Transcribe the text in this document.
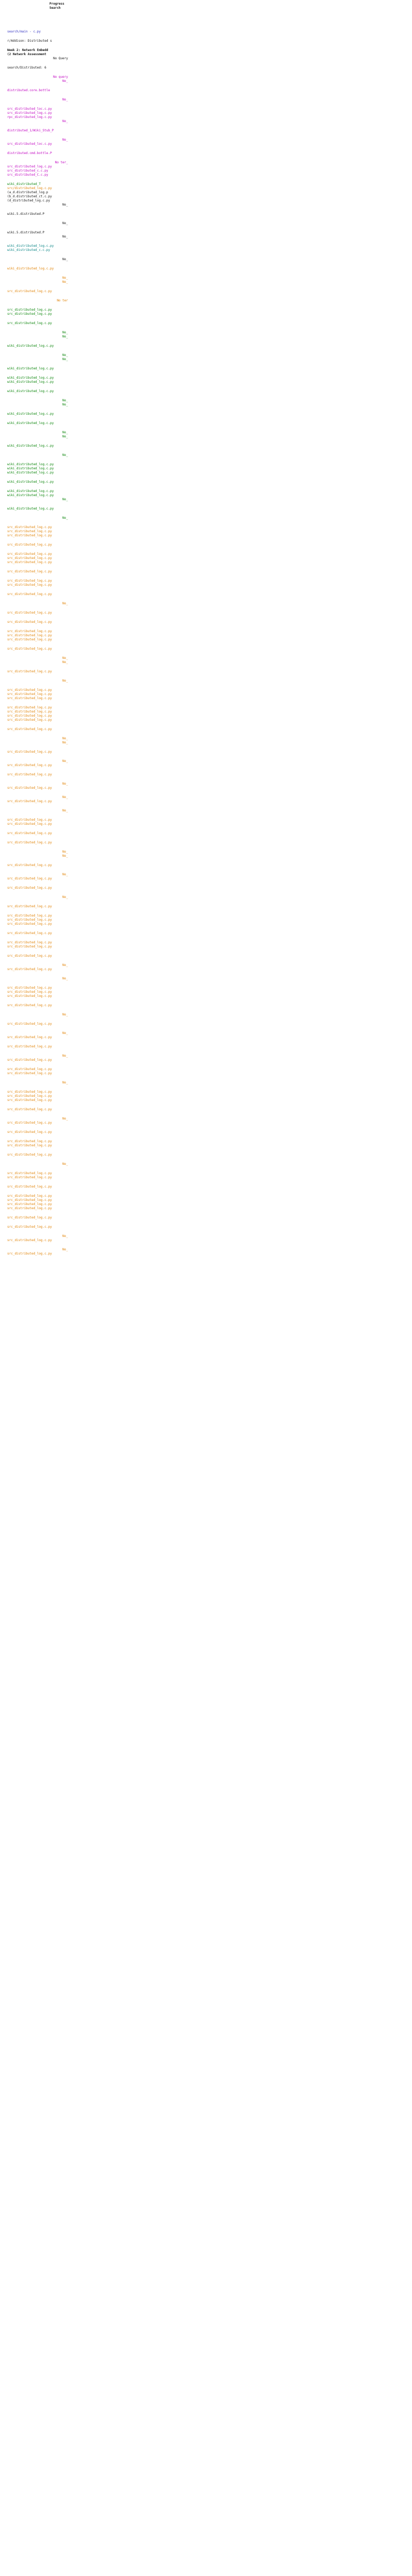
Progress
Search
search/main - c.py
r/Addison: Distributed s
Week 2: Network Embedd
(2 Network Assessment
No Query
search/Distributed: 6
No query
No_
distributed.core.bottle
No_
src_distributed_loc.c.py
src_distributed_log.c.py
rpc_distributed_log.c.py
No_
distributed_1/Wiki_Stub_P
No_
src_distributed_loc.c.py
distributed.cmd.bottle.P
No ter_
src_distributed_log.c.py
src_distributed_c.c.py
src_distributed_C.c.py
wiki_distributed_T
src/distributed_log.c.py
(a_d.distributed_log.p
(b_d.distributed_ct.c.py
(d_distributed_log.c.py
No_
wiki.5.distributed.P
No_
wiki.5.distributed.P
No_
wiki_distributed_log.c.py
wiki_distributed_c.c.py
No_
wiki_distributed_log.c.py
No_
No_
src_distributed_log.c.py
No ter
src_distributed_log.c.py
src_distributed_log.c.py
src_distributed_log.c.py
No_
No_
wiki_distributed_log.c.py
No_
No_
wiki_distributed_log.c.py
wiki_distributed_log.c.py
wiki_distributed_log.c.py
wiki_distributed_log.c.py
No_
No_
wiki_distributed_log.c.py
wiki_distributed_log.c.py
No_
No_
wiki_distributed_log.c.py
No_
wiki_distributed_log.c.py
wiki_distributed_log.c.py
wiki_distributed_log.c.py
wiki_distributed_log.c.py
wiki_distributed_log.c.py
wiki_distributed_log.c.py
No_
wiki_distributed_log.c.py
No_
src_distributed_log.c.py
src_distributed_log.c.py
src_distributed_log.c.py
src_distributed_log.c.py
src_distributed_log.c.py
src_distributed_log.c.py
src_distributed_log.c.py
src_distributed_log.c.py
src_distributed_log.c.py
src_distributed_log.c.py
src_distributed_log.c.py
No_
src_distributed_log.c.py
src_distributed_log.c.py
src_distributed_log.c.py
src_distributed_log.c.py
src_distributed_log.c.py
src_distributed_log.c.py
No_
No_
src_distributed_log.c.py
No_
src_distributed_log.c.py
src_distributed_log.c.py
src_distributed_log.c.py
src_distributed_log.c.py
src_distributed_log.c.py
src_distributed_log.c.py
src_distributed_log.c.py
src_distributed_log.c.py
No_
No_
src_distributed_log.c.py
No_
src_distributed_log.c.py
src_distributed_log.c.py
No_
src_distributed_log.c.py
No_
src_distributed_log.c.py
No_
src_distributed_log.c.py
src_distributed_log.c.py
src_distributed_log.c.py
src_distributed_log.c.py
No_
No_
src_distributed_log.c.py
No_
src_distributed_log.c.py
src_distributed_log.c.py
No_
src_distributed_log.c.py
src_distributed_log.c.py
src_distributed_log.c.py
src_distributed_log.c.py
src_distributed_log.c.py
src_distributed_log.c.py
src_distributed_log.c.py
src_distributed_log.c.py
No_
src_distributed_log.c.py
No_
src_distributed_log.c.py
src_distributed_log.c.py
src_distributed_log.c.py
src_distributed_log.c.py
No_
src_distributed_log.c.py
No_
src_distributed_log.c.py
src_distributed_log.c.py
No_
src_distributed_log.c.py
src_distributed_log.c.py
src_distributed_log.c.py
No_
src_distributed_log.c.py
src_distributed_log.c.py
src_distributed_log.c.py
src_distributed_log.c.py
No_
src_distributed_log.c.py
src_distributed_log.c.py
src_distributed_log.c.py
src_distributed_log.c.py
src_distributed_log.c.py
No_
src_distributed_log.c.py
src_distributed_log.c.py
src_distributed_log.c.py
src_distributed_log.c.py
src_distributed_log.c.py
src_distributed_log.c.py
src_distributed_log.c.py
src_distributed_log.c.py
src_distributed_log.c.py
No_
src_distributed_log.c.py
No_
src_distributed_log.c.py
